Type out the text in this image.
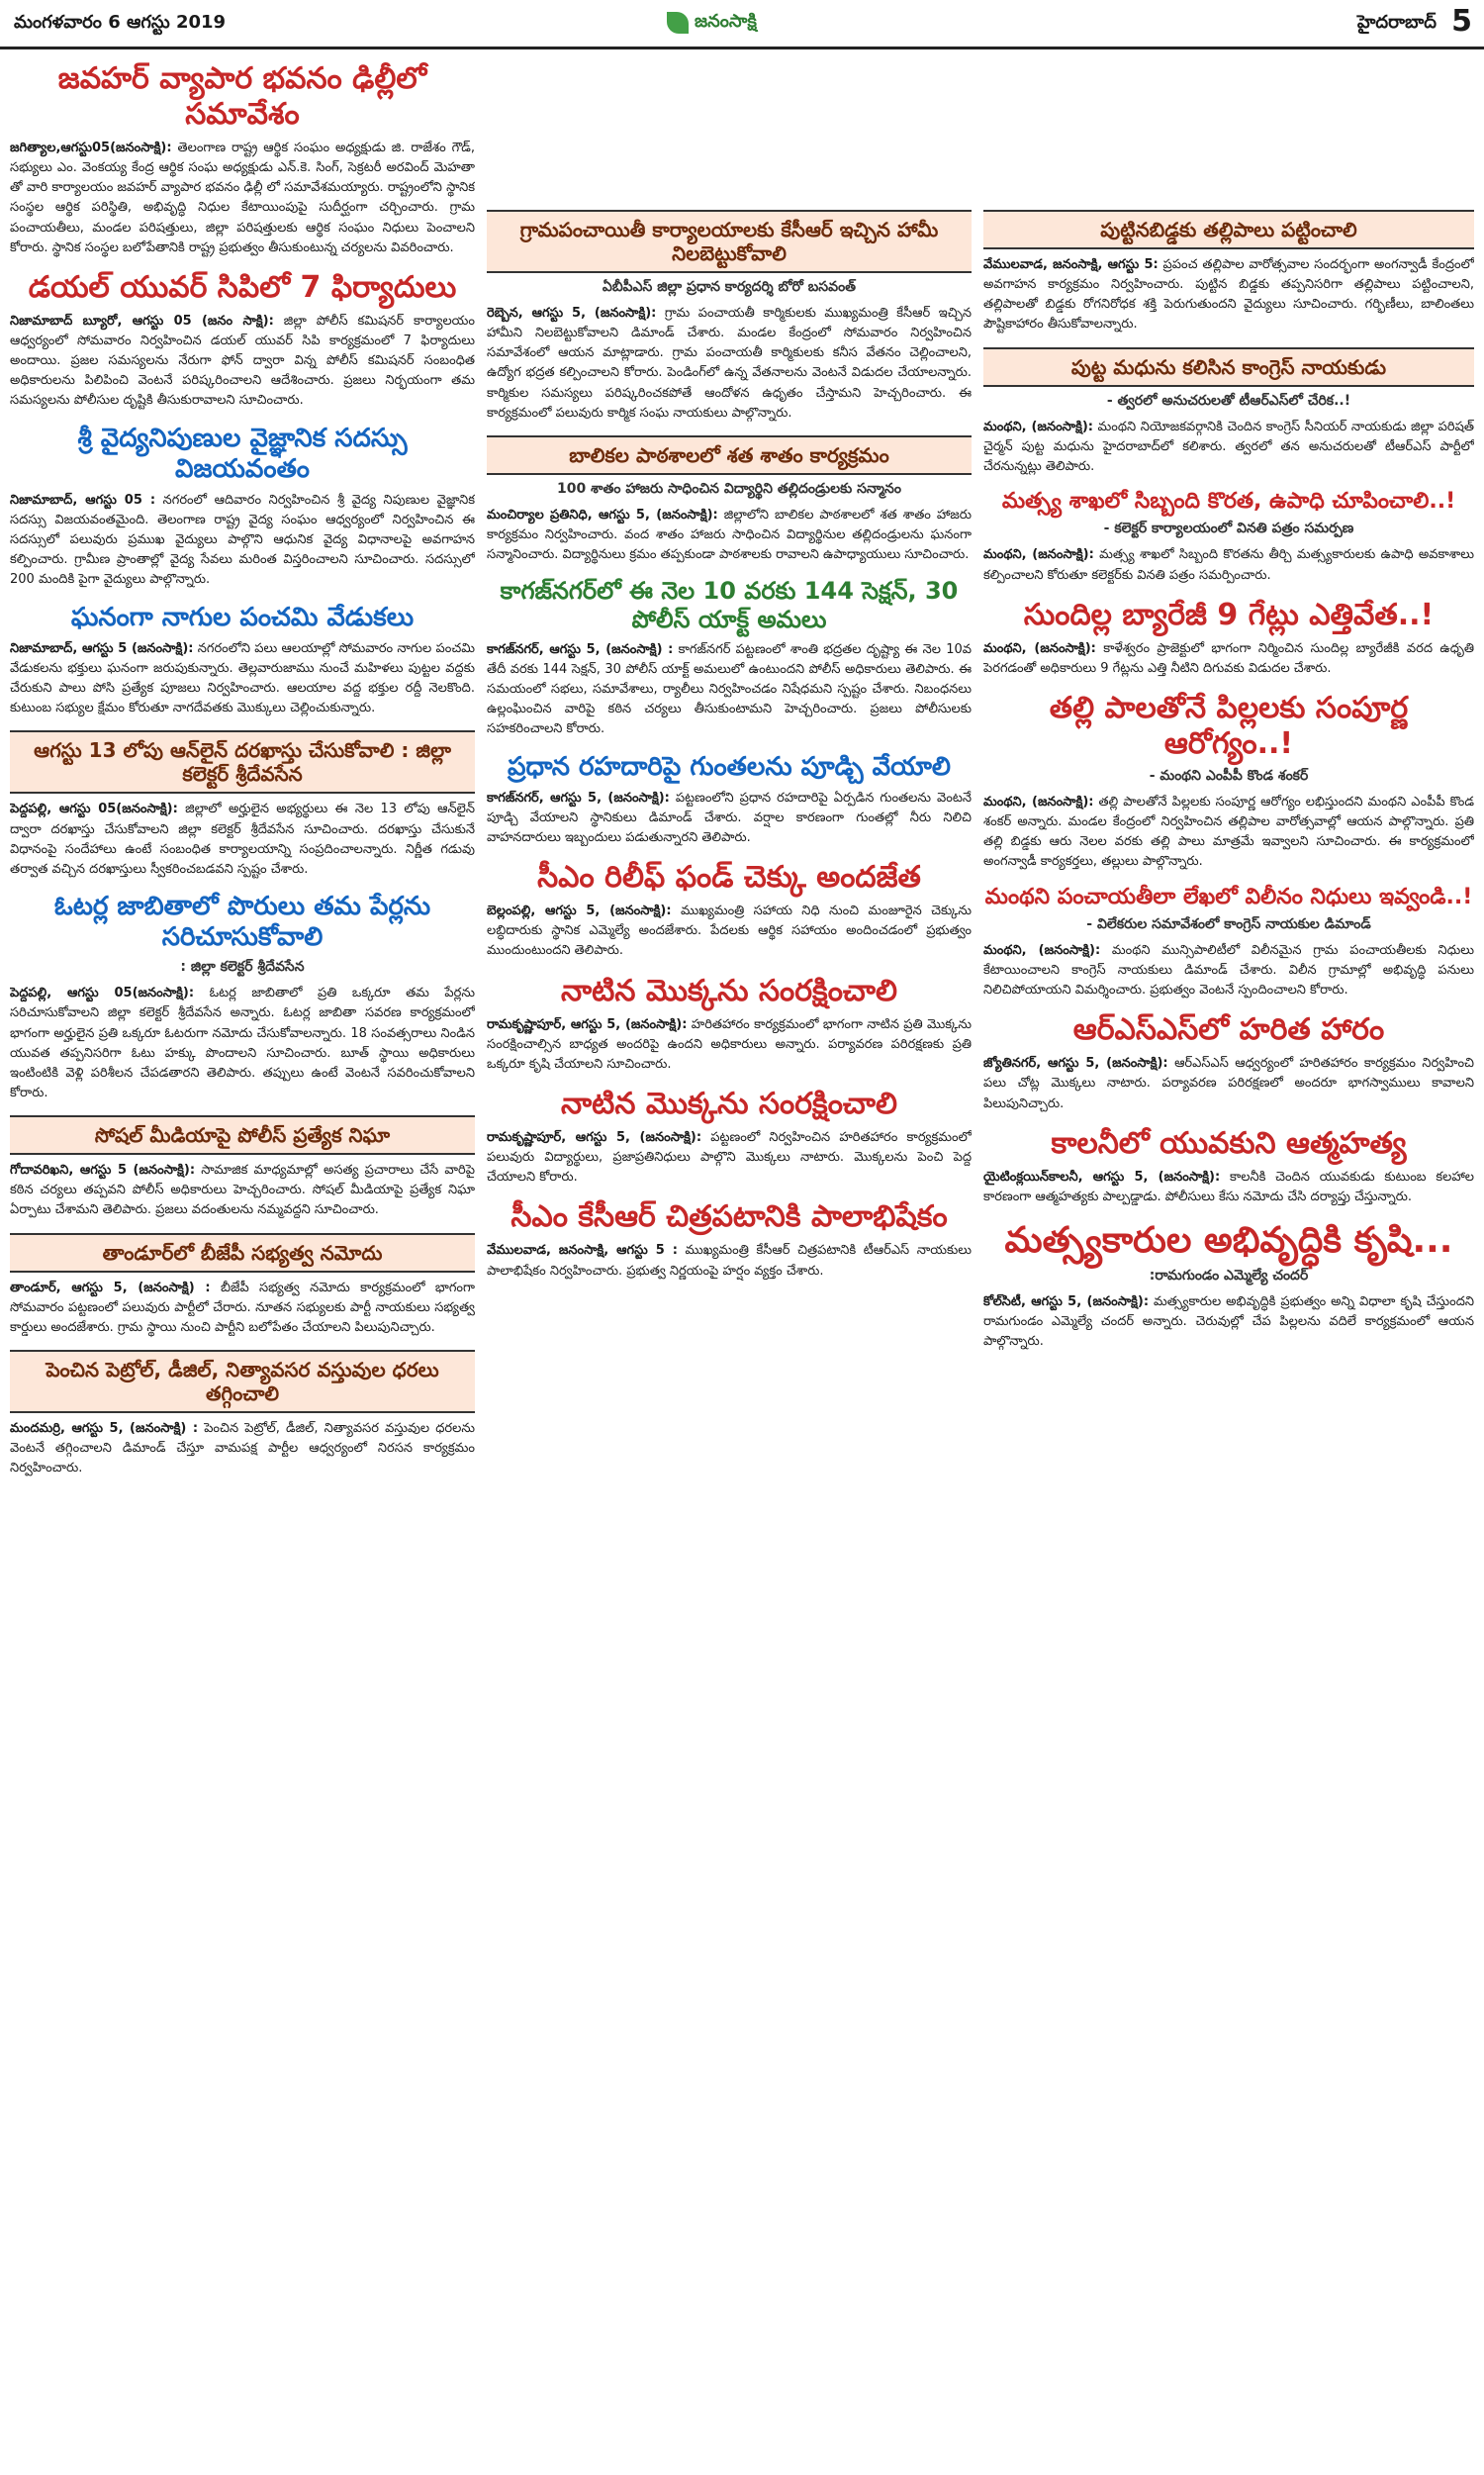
మంగళవారం 6 ఆగస్టు 2019	జనంసాక్షి	హైదరాబాద్ 5
జవహర్ వ్యాపార భవనం ఢిల్లీలో సమావేశం
జగిత్యాల,ఆగస్టు05(జనంసాక్షి): తెలంగాణ రాష్ట్ర ఆర్థిక సంఘం అధ్యక్షుడు జి. రాజేశం గౌడ్, సభ్యులు ఎం. వెంకయ్య కేంద్ర ఆర్థిక సంఘ అధ్యక్షుడు ఎన్.కె. సింగ్, సెక్రటరీ అరవింద్ మెహతా తో వారి కార్యాలయం జవహర్ వ్యాపార భవనం ఢిల్లీ లో సమావేశమయ్యారు. రాష్ట్రంలోని స్థానిక సంస్థల ఆర్థిక పరిస్థితి, అభివృద్ధి నిధుల కేటాయింపుపై సుదీర్ఘంగా చర్చించారు. గ్రామ పంచాయతీలు, మండల పరిషత్తులు, జిల్లా పరిషత్తులకు ఆర్థిక సంఘం నిధులు పెంచాలని కోరారు. స్థానిక సంస్థల బలోపేతానికి రాష్ట్ర ప్రభుత్వం తీసుకుంటున్న చర్యలను వివరించారు.
డయల్ యువర్ సిపిలో 7 ఫిర్యాదులు
నిజామాబాద్ బ్యూరో, ఆగస్టు 05 (జనం సాక్షి): జిల్లా పోలీస్ కమిషనర్ కార్యాలయం ఆధ్వర్యంలో సోమవారం నిర్వహించిన డయల్ యువర్ సిపి కార్యక్రమంలో 7 ఫిర్యాదులు అందాయి. ప్రజల సమస్యలను నేరుగా ఫోన్ ద్వారా విన్న పోలీస్ కమిషనర్ సంబంధిత అధికారులను పిలిపించి వెంటనే పరిష్కరించాలని ఆదేశించారు. ప్రజలు నిర్భయంగా తమ సమస్యలను పోలీసుల దృష్టికి తీసుకురావాలని సూచించారు.
శ్రీ వైద్యనిపుణుల వైజ్ఞానిక సదస్సు విజయవంతం
నిజామాబాద్, ఆగస్టు 05 : నగరంలో ఆదివారం నిర్వహించిన శ్రీ వైద్య నిపుణుల వైజ్ఞానిక సదస్సు విజయవంతమైంది. తెలంగాణ రాష్ట్ర వైద్య సంఘం ఆధ్వర్యంలో నిర్వహించిన ఈ సదస్సులో పలువురు ప్రముఖ వైద్యులు పాల్గొని ఆధునిక వైద్య విధానాలపై అవగాహన కల్పించారు. గ్రామీణ ప్రాంతాల్లో వైద్య సేవలు మరింత విస్తరించాలని సూచించారు. సదస్సులో 200 మందికి పైగా వైద్యులు పాల్గొన్నారు.
ఘనంగా నాగుల పంచమి వేడుకలు
నిజామాబాద్, ఆగస్టు 5 (జనంసాక్షి): నగరంలోని పలు ఆలయాల్లో సోమవారం నాగుల పంచమి వేడుకలను భక్తులు ఘనంగా జరుపుకున్నారు. తెల్లవారుజాము నుంచే మహిళలు పుట్టల వద్దకు చేరుకుని పాలు పోసి ప్రత్యేక పూజలు నిర్వహించారు. ఆలయాల వద్ద భక్తుల రద్దీ నెలకొంది. కుటుంబ సభ్యుల క్షేమం కోరుతూ నాగదేవతకు మొక్కులు చెల్లించుకున్నారు.
ఆగస్టు 13 లోపు ఆన్‌లైన్ దరఖాస్తు చేసుకోవాలి : జిల్లా కలెక్టర్ శ్రీదేవసేన
పెద్దపల్లి, ఆగస్టు 05(జనంసాక్షి): జిల్లాలో అర్హులైన అభ్యర్థులు ఈ నెల 13 లోపు ఆన్‌లైన్ ద్వారా దరఖాస్తు చేసుకోవాలని జిల్లా కలెక్టర్ శ్రీదేవసేన సూచించారు. దరఖాస్తు చేసుకునే విధానంపై సందేహాలు ఉంటే సంబంధిత కార్యాలయాన్ని సంప్రదించాలన్నారు. నిర్ణీత గడువు తర్వాత వచ్చిన దరఖాస్తులు స్వీకరించబడవని స్పష్టం చేశారు.
ఓటర్ల జాబితాలో పొరులు తమ పేర్లను సరిచూసుకోవాలి
: జిల్లా కలెక్టర్ శ్రీదేవసేన
పెద్దపల్లి, ఆగస్టు 05(జనంసాక్షి): ఓటర్ల జాబితాలో ప్రతి ఒక్కరూ తమ పేర్లను సరిచూసుకోవాలని జిల్లా కలెక్టర్ శ్రీదేవసేన అన్నారు. ఓటర్ల జాబితా సవరణ కార్యక్రమంలో భాగంగా అర్హులైన ప్రతి ఒక్కరూ ఓటరుగా నమోదు చేసుకోవాలన్నారు. 18 సంవత్సరాలు నిండిన యువత తప్పనిసరిగా ఓటు హక్కు పొందాలని సూచించారు. బూత్ స్థాయి అధికారులు ఇంటింటికి వెళ్లి పరిశీలన చేపడతారని తెలిపారు. తప్పులు ఉంటే వెంటనే సవరించుకోవాలని కోరారు.
సోషల్ మీడియాపై పోలీస్ ప్రత్యేక నిఘా
గోదావరిఖని, ఆగస్టు 5 (జనంసాక్షి): సామాజిక మాధ్యమాల్లో అసత్య ప్రచారాలు చేసే వారిపై కఠిన చర్యలు తప్పవని పోలీస్ అధికారులు హెచ్చరించారు. సోషల్ మీడియాపై ప్రత్యేక నిఘా ఏర్పాటు చేశామని తెలిపారు. ప్రజలు వదంతులను నమ్మవద్దని సూచించారు.
తాండూర్‌లో బీజేపీ సభ్యత్వ నమోదు
తాండూర్, ఆగస్టు 5, (జనంసాక్షి) : బీజేపీ సభ్యత్వ నమోదు కార్యక్రమంలో భాగంగా సోమవారం పట్టణంలో పలువురు పార్టీలో చేరారు. నూతన సభ్యులకు పార్టీ నాయకులు సభ్యత్వ కార్డులు అందజేశారు. గ్రామ స్థాయి నుంచి పార్టీని బలోపేతం చేయాలని పిలుపునిచ్చారు.
పెంచిన పెట్రోల్, డీజిల్, నిత్యావసర వస్తువుల ధరలు తగ్గించాలి
మందమర్రి, ఆగస్టు 5, (జనంసాక్షి) : పెంచిన పెట్రోల్, డీజిల్, నిత్యావసర వస్తువుల ధరలను వెంటనే తగ్గించాలని డిమాండ్ చేస్తూ వామపక్ష పార్టీల ఆధ్వర్యంలో నిరసన కార్యక్రమం నిర్వహించారు.
గ్రామపంచాయితీ కార్యాలయాలకు కేసీఆర్ ఇచ్చిన హామీ నిలబెట్టుకోవాలి
ఏబీపీఎస్ జిల్లా ప్రధాన కార్యదర్శి బోరో బసవంత్
రెబ్బెన, ఆగస్టు 5, (జనంసాక్షి): గ్రామ పంచాయతీ కార్మికులకు ముఖ్యమంత్రి కేసీఆర్ ఇచ్చిన హామీని నిలబెట్టుకోవాలని డిమాండ్ చేశారు. మండల కేంద్రంలో సోమవారం నిర్వహించిన సమావేశంలో ఆయన మాట్లాడారు. గ్రామ పంచాయతీ కార్మికులకు కనీస వేతనం చెల్లించాలని, ఉద్యోగ భద్రత కల్పించాలని కోరారు. పెండింగ్‌లో ఉన్న వేతనాలను వెంటనే విడుదల చేయాలన్నారు. కార్మికుల సమస్యలు పరిష్కరించకపోతే ఆందోళన ఉధృతం చేస్తామని హెచ్చరించారు. ఈ కార్యక్రమంలో పలువురు కార్మిక సంఘ నాయకులు పాల్గొన్నారు.
బాలికల పాఠశాలలో శత శాతం కార్యక్రమం
100 శాతం హాజరు సాధించిన విద్యార్థిని తల్లిదండ్రులకు సన్మానం
మంచిర్యాల ప్రతినిధి, ఆగస్టు 5, (జనంసాక్షి): జిల్లాలోని బాలికల పాఠశాలలో శత శాతం హాజరు కార్యక్రమం నిర్వహించారు. వంద శాతం హాజరు సాధించిన విద్యార్థినుల తల్లిదండ్రులను ఘనంగా సన్మానించారు. విద్యార్థినులు క్రమం తప్పకుండా పాఠశాలకు రావాలని ఉపాధ్యాయులు సూచించారు.
కాగజ్‌నగర్‌లో ఈ నెల 10 వరకు 144 సెక్షన్, 30 పోలీస్ యాక్ట్ అమలు
కాగజ్‌నగర్, ఆగస్టు 5, (జనంసాక్షి) : కాగజ్‌నగర్ పట్టణంలో శాంతి భద్రతల దృష్ట్యా ఈ నెల 10వ తేదీ వరకు 144 సెక్షన్, 30 పోలీస్ యాక్ట్ అమలులో ఉంటుందని పోలీస్ అధికారులు తెలిపారు. ఈ సమయంలో సభలు, సమావేశాలు, ర్యాలీలు నిర్వహించడం నిషేధమని స్పష్టం చేశారు. నిబంధనలు ఉల్లంఘించిన వారిపై కఠిన చర్యలు తీసుకుంటామని హెచ్చరించారు. ప్రజలు పోలీసులకు సహకరించాలని కోరారు.
ప్రధాన రహదారిపై గుంతలను పూడ్చి వేయాలి
కాగజ్‌నగర్, ఆగస్టు 5, (జనంసాక్షి): పట్టణంలోని ప్రధాన రహదారిపై ఏర్పడిన గుంతలను వెంటనే పూడ్చి వేయాలని స్థానికులు డిమాండ్ చేశారు. వర్షాల కారణంగా గుంతల్లో నీరు నిలిచి వాహనదారులు ఇబ్బందులు పడుతున్నారని తెలిపారు.
సీఎం రిలీఫ్ ఫండ్ చెక్కు అందజేత
బెల్లంపల్లి, ఆగస్టు 5, (జనంసాక్షి): ముఖ్యమంత్రి సహాయ నిధి నుంచి మంజూరైన చెక్కును లబ్ధిదారుకు స్థానిక ఎమ్మెల్యే అందజేశారు. పేదలకు ఆర్థిక సహాయం అందించడంలో ప్రభుత్వం ముందుంటుందని తెలిపారు.
నాటిన మొక్కను సంరక్షించాలి
రామకృష్ణాపూర్, ఆగస్టు 5, (జనంసాక్షి): హరితహారం కార్యక్రమంలో భాగంగా నాటిన ప్రతి మొక్కను సంరక్షించాల్సిన బాధ్యత అందరిపై ఉందని అధికారులు అన్నారు. పర్యావరణ పరిరక్షణకు ప్రతి ఒక్కరూ కృషి చేయాలని సూచించారు.
నాటిన మొక్కను సంరక్షించాలి
రామకృష్ణాపూర్, ఆగస్టు 5, (జనంసాక్షి): పట్టణంలో నిర్వహించిన హరితహారం కార్యక్రమంలో పలువురు విద్యార్థులు, ప్రజాప్రతినిధులు పాల్గొని మొక్కలు నాటారు. మొక్కలను పెంచి పెద్ద చేయాలని కోరారు.
సీఎం కేసీఆర్ చిత్రపటానికి పాలాభిషేకం
వేములవాడ, జనంసాక్షి, ఆగస్టు 5 : ముఖ్యమంత్రి కేసీఆర్ చిత్రపటానికి టీఆర్ఎస్ నాయకులు పాలాభిషేకం నిర్వహించారు. ప్రభుత్వ నిర్ణయంపై హర్షం వ్యక్తం చేశారు.
పుట్టినబిడ్డకు తల్లిపాలు పట్టించాలి
వేములవాడ, జనంసాక్షి, ఆగస్టు 5: ప్రపంచ తల్లిపాల వారోత్సవాల సందర్భంగా అంగన్వాడీ కేంద్రంలో అవగాహన కార్యక్రమం నిర్వహించారు. పుట్టిన బిడ్డకు తప్పనిసరిగా తల్లిపాలు పట్టించాలని, తల్లిపాలతో బిడ్డకు రోగనిరోధక శక్తి పెరుగుతుందని వైద్యులు సూచించారు. గర్భిణీలు, బాలింతలు పౌష్టికాహారం తీసుకోవాలన్నారు.
పుట్ట మధును కలిసిన కాంగ్రెస్ నాయకుడు
- త్వరలో అనుచరులతో టీఆర్ఎస్‌లో చేరిక..!
మంథని, (జనంసాక్షి): మంథని నియోజకవర్గానికి చెందిన కాంగ్రెస్ సీనియర్ నాయకుడు జిల్లా పరిషత్ చైర్మన్ పుట్ట మధును హైదరాబాద్‌లో కలిశారు. త్వరలో తన అనుచరులతో టీఆర్ఎస్ పార్టీలో చేరనున్నట్లు తెలిపారు.
మత్స్య శాఖలో సిబ్బంది కొరత, ఉపాధి చూపించాలి..!
- కలెక్టర్ కార్యాలయంలో వినతి పత్రం సమర్పణ
మంథని, (జనంసాక్షి): మత్స్య శాఖలో సిబ్బంది కొరతను తీర్చి మత్స్యకారులకు ఉపాధి అవకాశాలు కల్పించాలని కోరుతూ కలెక్టర్‌కు వినతి పత్రం సమర్పించారు.
సుందిల్ల బ్యారేజీ 9 గేట్లు ఎత్తివేత..!
మంథని, (జనంసాక్షి): కాళేశ్వరం ప్రాజెక్టులో భాగంగా నిర్మించిన సుందిల్ల బ్యారేజీకి వరద ఉధృతి పెరగడంతో అధికారులు 9 గేట్లను ఎత్తి నీటిని దిగువకు విడుదల చేశారు.
తల్లి పాలతోనే పిల్లలకు సంపూర్ణ ఆరోగ్యం..!
- మంథని ఎంపీపీ కొండ శంకర్
మంథని, (జనంసాక్షి): తల్లి పాలతోనే పిల్లలకు సంపూర్ణ ఆరోగ్యం లభిస్తుందని మంథని ఎంపీపీ కొండ శంకర్ అన్నారు. మండల కేంద్రంలో నిర్వహించిన తల్లిపాల వారోత్సవాల్లో ఆయన పాల్గొన్నారు. ప్రతి తల్లి బిడ్డకు ఆరు నెలల వరకు తల్లి పాలు మాత్రమే ఇవ్వాలని సూచించారు. ఈ కార్యక్రమంలో అంగన్వాడీ కార్యకర్తలు, తల్లులు పాల్గొన్నారు.
మంథని పంచాయతీలా లేఖలో విలీనం నిధులు ఇవ్వండి..!
- విలేకరుల సమావేశంలో కాంగ్రెస్ నాయకుల డిమాండ్
మంథని, (జనంసాక్షి): మంథని మున్సిపాలిటీలో విలీనమైన గ్రామ పంచాయతీలకు నిధులు కేటాయించాలని కాంగ్రెస్ నాయకులు డిమాండ్ చేశారు. విలీన గ్రామాల్లో అభివృద్ధి పనులు నిలిచిపోయాయని విమర్శించారు. ప్రభుత్వం వెంటనే స్పందించాలని కోరారు.
ఆర్ఎస్ఎస్‌లో హరిత హారం
జ్యోతినగర్, ఆగస్టు 5, (జనంసాక్షి): ఆర్ఎస్ఎస్ ఆధ్వర్యంలో హరితహారం కార్యక్రమం నిర్వహించి పలు చోట్ల మొక్కలు నాటారు. పర్యావరణ పరిరక్షణలో అందరూ భాగస్వాములు కావాలని పిలుపునిచ్చారు.
కాలనీలో యువకుని ఆత్మహత్య
యైటింక్లయిన్‌కాలనీ, ఆగస్టు 5, (జనంసాక్షి): కాలనీకి చెందిన యువకుడు కుటుంబ కలహాల కారణంగా ఆత్మహత్యకు పాల్పడ్డాడు. పోలీసులు కేసు నమోదు చేసి దర్యాప్తు చేస్తున్నారు.
మత్స్యకారుల అభివృద్ధికి కృషి...
:రామగుండం ఎమ్మెల్యే చందర్
కోల్‌సిటీ, ఆగస్టు 5, (జనంసాక్షి): మత్స్యకారుల అభివృద్ధికి ప్రభుత్వం అన్ని విధాలా కృషి చేస్తుందని రామగుండం ఎమ్మెల్యే చందర్ అన్నారు. చెరువుల్లో చేప పిల్లలను వదిలే కార్యక్రమంలో ఆయన పాల్గొన్నారు.
